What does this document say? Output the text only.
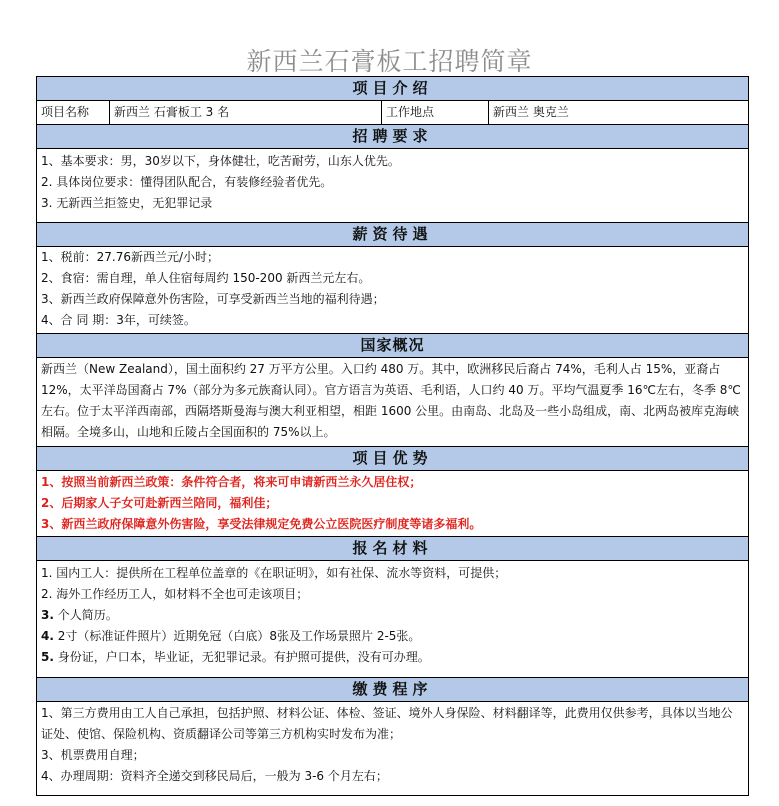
新西兰石膏板工招聘简章
项目介绍
项目名称	新西兰 石膏板工 3 名	工作地点	新西兰 奥克兰
招聘要求
1、基本要求：男，30岁以下，身体健壮，吃苦耐劳，山东人优先。
2. 具体岗位要求：懂得团队配合，有装修经验者优先。
3. 无新西兰拒签史，无犯罪记录
薪资待遇
1、税前：27.76新西兰元/小时；
2、食宿：需自理，单人住宿每周约 150-200 新西兰元左右。
3、新西兰政府保障意外伤害险，可享受新西兰当地的福利待遇；
4、合 同 期：3年，可续签。
国家概况
新西兰（New Zealand），国土面积约 27 万平方公里。入口约 480 万。其中，欧洲移民后裔占 74%，毛利人占 15%，亚裔占 12%，太平洋岛国裔占 7%（部分为多元族裔认同）。官方语言为英语、毛利语，人口约 40 万。平均气温夏季 16℃左右，冬季 8℃左右。位于太平洋西南部，西隔塔斯曼海与澳大利亚相望，相距 1600 公里。由南岛、北岛及一些小岛组成，南、北两岛被库克海峡相隔。全境多山，山地和丘陵占全国面积的 75%以上。
项目优势
1、按照当前新西兰政策：条件符合者，将来可申请新西兰永久居住权；
2、后期家人子女可赴新西兰陪同，福利佳；
3、新西兰政府保障意外伤害险，享受法律规定免费公立医院医疗制度等诸多福利。
报名材料
1. 国内工人：提供所在工程单位盖章的《在职证明》，如有社保、流水等资料，可提供；
2. 海外工作经历工人，如材料不全也可走该项目；
3. 个人简历。
4. 2寸（标准证件照片）近期免冠（白底）8张及工作场景照片 2-5张。
5. 身份证，户口本，毕业证，无犯罪记录。有护照可提供，没有可办理。
缴费程序
1、第三方费用由工人自己承担，包括护照、材料公证、体检、签证、境外人身保险、材料翻译等，此费用仅供参考，具体以当地公证处、使馆、保险机构、资质翻译公司等第三方机构实时发布为准；
3、机票费用自理；
4、办理周期：资料齐全递交到移民局后，一般为 3-6 个月左右；
